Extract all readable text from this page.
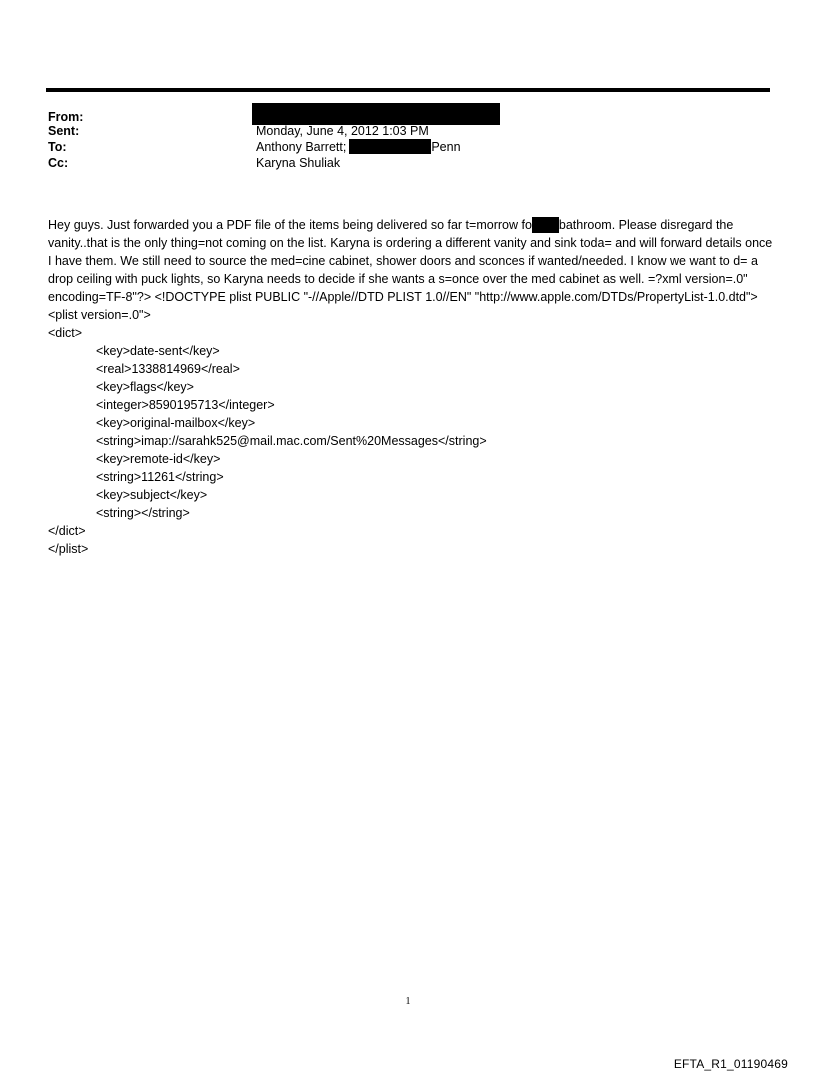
From:
Sent:	Monday, June 4, 2012 1:03 PM
To:	Anthony Barrett;	Penn
Cc:	Karyna Shuliak

Hey guys. Just forwarded you a PDF file of the items being delivered so far t=morrow fo bathroom. Please disregard the vanity..that is the only thing=not coming on the list. Karyna is ordering a different vanity and sink toda= and will forward details once I have them. We still need to source the med=cine cabinet, shower doors and sconces if wanted/needed. I know we want to d= a drop ceiling with puck lights, so Karyna needs to decide if she wants a s=once over the med cabinet as well. =?xml version=.0" encoding=TF-8"?> <!DOCTYPE plist PUBLIC "-//Apple//DTD PLIST 1.0//EN" "http://www.apple.com/DTDs/PropertyList-1.0.dtd">

<plist version=.0">
<dict>
<key>date-sent</key>
<real>1338814969</real>
<key>flags</key>
<integer>8590195713</integer>
<key>original-mailbox</key>
<string>imap://sarahk525@mail.mac.com/Sent%20Messages</string>
<key>remote-id</key>
<string>11261</string>
<key>subject</key>
<string></string>
</dict>
</plist>
1
EFTA_R1_01190469
